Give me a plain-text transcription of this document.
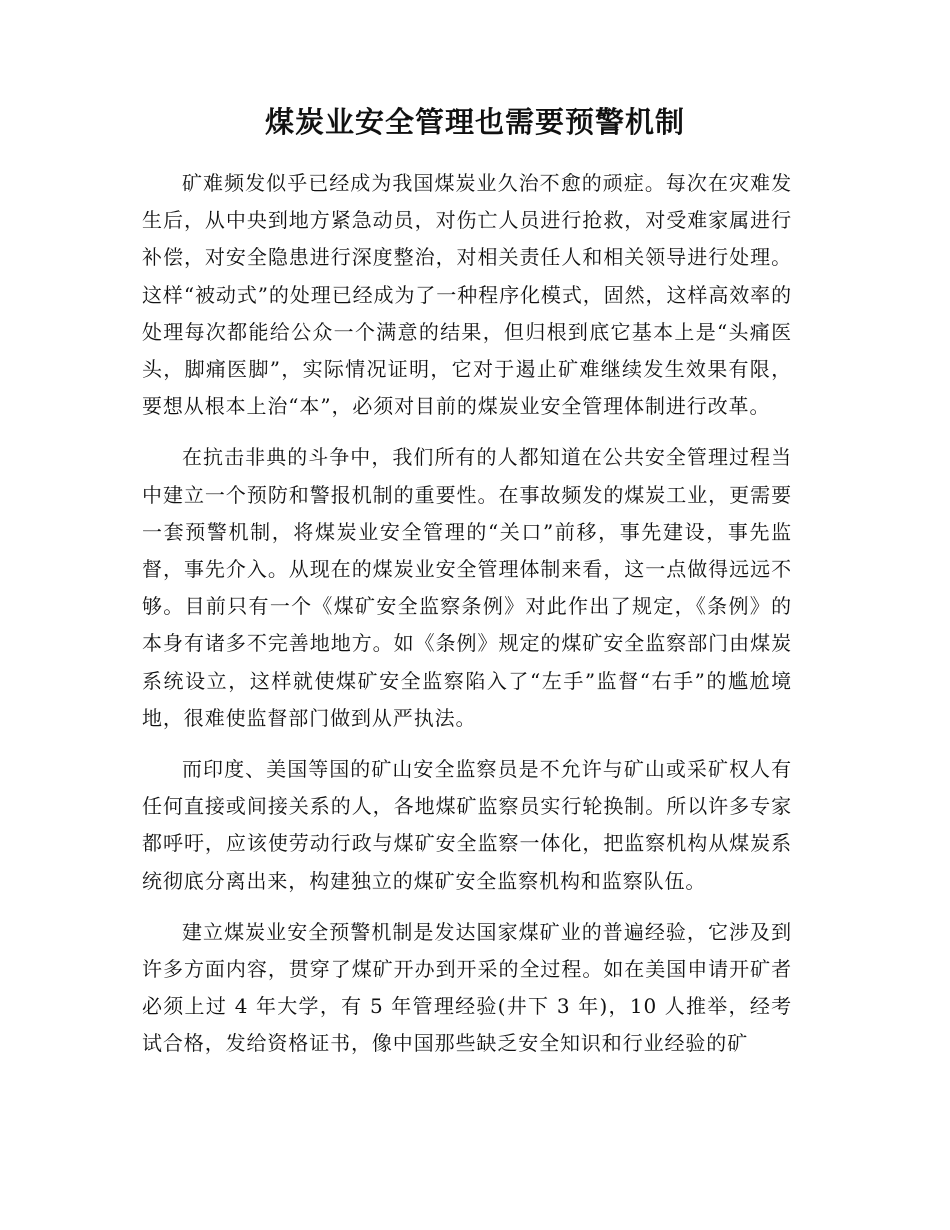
煤炭业安全管理也需要预警机制

矿难频发似乎已经成为我国煤炭业久治不愈的顽症。每次在灾难发生后，从中央到地方紧急动员，对伤亡人员进行抢救，对受难家属进行补偿，对安全隐患进行深度整治，对相关责任人和相关领导进行处理。这样“被动式”的处理已经成为了一种程序化模式，固然，这样高效率的处理每次都能给公众一个满意的结果，但归根到底它基本上是“头痛医头，脚痛医脚”，实际情况证明，它对于遏止矿难继续发生效果有限，要想从根本上治“本”，必须对目前的煤炭业安全管理体制进行改革。

在抗击非典的斗争中，我们所有的人都知道在公共安全管理过程当中建立一个预防和警报机制的重要性。在事故频发的煤炭工业，更需要一套预警机制，将煤炭业安全管理的“关口”前移，事先建设，事先监督，事先介入。从现在的煤炭业安全管理体制来看，这一点做得远远不够。目前只有一个《煤矿安全监察条例》对此作出了规定，《条例》的本身有诸多不完善地地方。如《条例》规定的煤矿安全监察部门由煤炭系统设立，这样就使煤矿安全监察陷入了“左手”监督“右手”的尴尬境地，很难使监督部门做到从严执法。

而印度、美国等国的矿山安全监察员是不允许与矿山或采矿权人有任何直接或间接关系的人，各地煤矿监察员实行轮换制。所以许多专家都呼吁，应该使劳动行政与煤矿安全监察一体化，把监察机构从煤炭系统彻底分离出来，构建独立的煤矿安全监察机构和监察队伍。

建立煤炭业安全预警机制是发达国家煤矿业的普遍经验，它涉及到许多方面内容，贯穿了煤矿开办到开采的全过程。如在美国申请开矿者必须上过 4 年大学，有 5 年管理经验(井下 3 年)，10 人推举，经考试合格，发给资格证书，像中国那些缺乏安全知识和行业经验的矿
